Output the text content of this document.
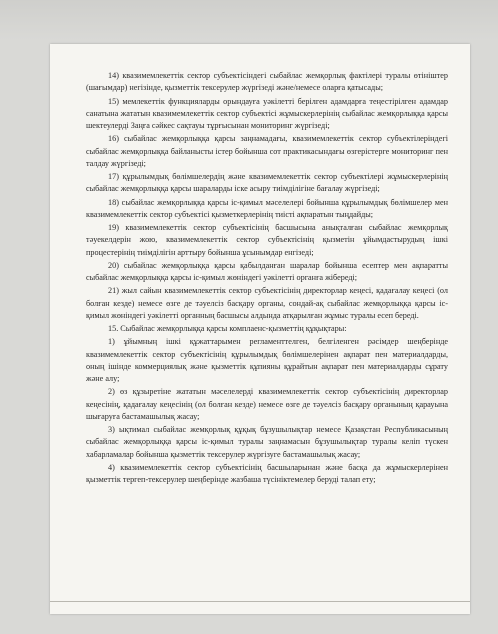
14) квазимемлекеттік сектор субъектісіндегі сыбайлас жемқорлық фактілері туралы өтініштер (шағымдар) негізінде, қызметтік тексерулер жүргізеді және/немесе оларға қатысады;

15) мемлекеттік функцияларды орындауға уәкілетті берілген адамдарға теңестірілген адамдар санатына жататын квазимемлекеттік сектор субъектісі жұмыскерлерінің сыбайлас жемқорлыққа қарсы шектеулерді Заңға сәйкес сақтауы тұрғысынан мониторинг жүргізеді;

16) сыбайлас жемқорлыққа қарсы заңнамадағы, квазимемлекеттік сектор субъектілеріндегі сыбайлас жемқорлыққа байланысты істер бойынша сот практикасындағы өзгерістерге мониторинг пен талдау жүргізеді;

17) құрылымдық бөлімшелердің және квазимемлекеттік сектор субъектілері жұмыскерлерінің сыбайлас жемқорлыққа қарсы шараларды іске асыру тиімділігіне бағалау жүргізеді;

18) сыбайлас жемқорлыққа қарсы іс-қимыл мәселелері бойынша құрылымдық бөлімшелер мен квазимемлекеттік сектор субъектісі қызметкерлерінің тиісті ақпаратын тыңдайды;

19) квазимемлекеттік сектор субъектісінің басшысына анықталған сыбайлас жемқорлық тәуекелдерін жою, квазимемлекеттік сектор субъектісінің қызметін ұйымдастырудың ішкі процестерінің тиімділігін арттыру бойынша ұсынымдар енгізеді;

20) сыбайлас жемқорлыққа қарсы қабылданған шаралар бойынша есептер мен ақпаратты сыбайлас жемқорлыққа қарсы іс-қимыл жөніндегі уәкілетті органға жібереді;

21) жыл сайын квазимемлекеттік сектор субъектісінің директорлар кеңесі, қадағалау кеңесі (ол болған кезде) немесе өзге де тәуелсіз басқару органы, сондай-ақ сыбайлас жемқорлыққа қарсы іс-қимыл жөніндегі уәкілетті органның басшысы алдында атқарылған жұмыс туралы есеп береді.

15. Сыбайлас жемқорлыққа қарсы комплаенс-қызметтің құқықтары:

1) ұйымның ішкі құжаттарымен регламенттелген, белгіленген рәсімдер шеңберінде квазимемлекеттік сектор субъектісінің құрылымдық бөлімшелерінен ақпарат пен материалдарды, оның ішінде коммерциялық және қызметтік құпияны құрайтын ақпарат пен материалдарды сұрату және алу;

2) өз құзыретіне жататын мәселелерді квазимемлекеттік сектор субъектісінің директорлар кеңесінің, қадағалау кеңесінің (ол болған кезде) немесе өзге де тәуелсіз басқару органының қарауына шығаруға бастамашылық жасау;

3) ықтимал сыбайлас жемқорлық құқық бұзушылықтар немесе Қазақстан Республикасының сыбайлас жемқорлыққа қарсы іс-қимыл туралы заңнамасын бұзушылықтар туралы келіп түскен хабарламалар бойынша қызметтік тексерулер жүргізуге бастамашылық жасау;

4) квазимемлекеттік сектор субъектісінің басшыларынан және басқа да жұмыскерлерінен қызметтік тергеп-тексерулер шеңберінде жазбаша түсініктемелер беруді талап ету;
